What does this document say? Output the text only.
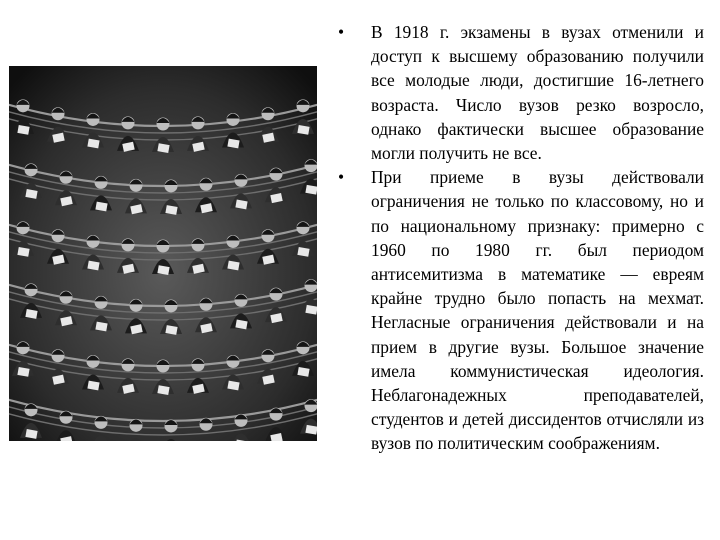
•	В 1918 г. экзамены в вузах отменили и доступ к высшему образованию получили все молодые люди, достигшие 16-летнего возраста. Число вузов резко возросло, однако фактически высшее образование могли получить не все.
•	При приеме в вузы действовали ограничения не только по классовому, но и по национальному признаку: примерно с 1960 по 1980 гг. был периодом антисемитизма в математике — евреям крайне трудно было попасть на мехмат. Негласные ограничения действовали и на прием в другие вузы. Большое значение имела коммунистическая идеология. Неблагонадежных преподавателей, студентов и детей диссидентов отчисляли из вузов по политическим соображениям.
